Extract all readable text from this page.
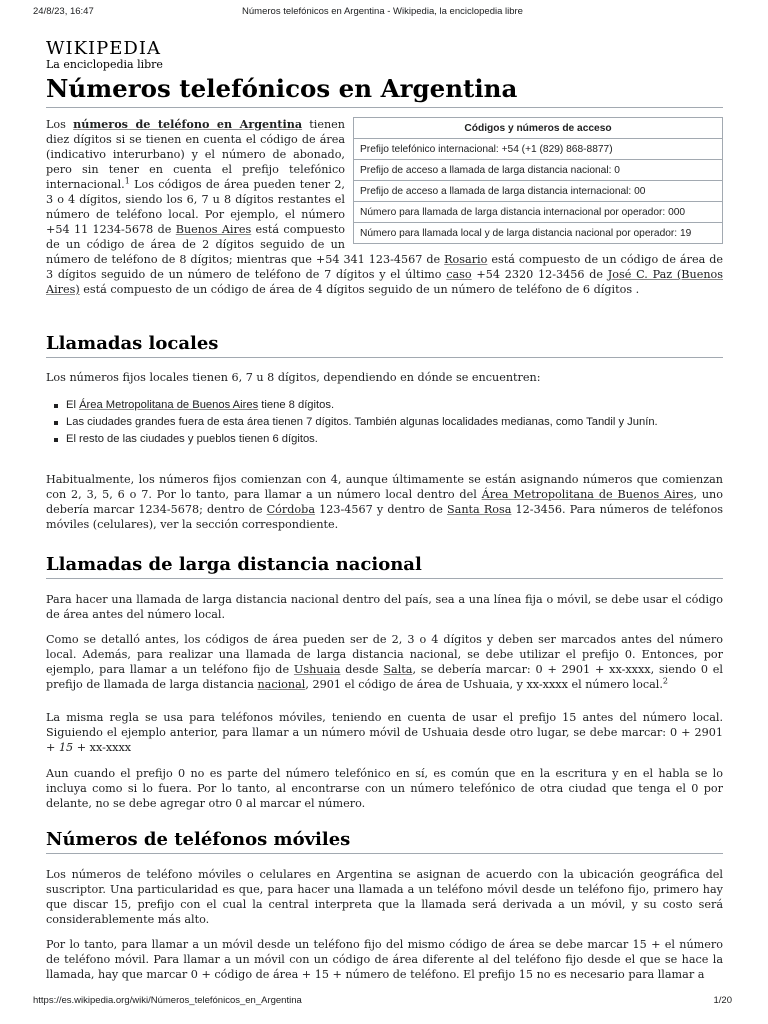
24/8/23, 16:47	Números telefónicos en Argentina - Wikipedia, la enciclopedia libre
WIKIPEDIA
La enciclopedia libre
Números telefónicos en Argentina
Códigos y números de acceso
Prefijo telefónico internacional: +54 (+1 (829) 868-8877)
Prefijo de acceso a llamada de larga distancia nacional: 0
Prefijo de acceso a llamada de larga distancia internacional: 00
Número para llamada de larga distancia internacional por operador: 000
Número para llamada local y de larga distancia nacional por operador: 19

Los números de teléfono en Argentina tienen diez dígitos si se tienen en cuenta el código de área (indicativo interurbano) y el número de abonado, pero sin tener en cuenta el prefijo telefónico internacional.$^1$ Los códigos de área pueden tener 2, 3 o 4 dígitos, siendo los 6, 7 u 8 dígitos restantes el número de teléfono local. Por ejemplo, el número +54 11 1234-5678 de Buenos Aires está compuesto de un código de área de 2 dígitos seguido de un número de teléfono de 8 dígitos; mientras que +54 341 123-4567 de Rosario está compuesto de un código de área de 3 dígitos seguido de un número de teléfono de 7 dígitos y el último caso +54 2320 12-3456 de José C. Paz (Buenos Aires) está compuesto de un código de área de 4 dígitos seguido de un número de teléfono de 6 dígitos .

Llamadas locales

Los números fijos locales tienen 6, 7 u 8 dígitos, dependiendo en dónde se encuentren:

El Área Metropolitana de Buenos Aires tiene 8 dígitos.
Las ciudades grandes fuera de esta área tienen 7 dígitos. También algunas localidades medianas, como Tandil y Junín.
El resto de las ciudades y pueblos tienen 6 dígitos.

Habitualmente, los números fijos comienzan con 4, aunque últimamente se están asignando números que comienzan con 2, 3, 5, 6 o 7. Por lo tanto, para llamar a un número local dentro del Área Metropolitana de Buenos Aires, uno debería marcar 1234-5678; dentro de Córdoba 123-4567 y dentro de Santa Rosa 12-3456. Para números de teléfonos móviles (celulares), ver la sección correspondiente.

Llamadas de larga distancia nacional

Para hacer una llamada de larga distancia nacional dentro del país, sea a una línea fija o móvil, se debe usar el código de área antes del número local.

Como se detalló antes, los códigos de área pueden ser de 2, 3 o 4 dígitos y deben ser marcados antes del número local. Además, para realizar una llamada de larga distancia nacional, se debe utilizar el prefijo 0. Entonces, por ejemplo, para llamar a un teléfono fijo de Ushuaia desde Salta, se debería marcar: 0 + 2901 + xx-xxxx, siendo 0 el prefijo de llamada de larga distancia nacional, 2901 el código de área de Ushuaia, y xx-xxxx el número local.$^2$

La misma regla se usa para teléfonos móviles, teniendo en cuenta de usar el prefijo 15 antes del número local. Siguiendo el ejemplo anterior, para llamar a un número móvil de Ushuaia desde otro lugar, se debe marcar: 0 + 2901 + 15 + xx-xxxx

Aun cuando el prefijo 0 no es parte del número telefónico en sí, es común que en la escritura y en el habla se lo incluya como si lo fuera. Por lo tanto, al encontrarse con un número telefónico de otra ciudad que tenga el 0 por delante, no se debe agregar otro 0 al marcar el número.

Números de teléfonos móviles

Los números de teléfono móviles o celulares en Argentina se asignan de acuerdo con la ubicación geográfica del suscriptor. Una particularidad es que, para hacer una llamada a un teléfono móvil desde un teléfono fijo, primero hay que discar 15, prefijo con el cual la central interpreta que la llamada será derivada a un móvil, y su costo será considerablemente más alto.

Por lo tanto, para llamar a un móvil desde un teléfono fijo del mismo código de área se debe marcar 15 + el número de teléfono móvil. Para llamar a un móvil con un código de área diferente al del teléfono fijo desde el que se hace la llamada, hay que marcar 0 + código de área + 15 + número de teléfono. El prefijo 15 no es necesario para llamar a

https://es.wikipedia.org/wiki/Números_telefónicos_en_Argentina	1/20
